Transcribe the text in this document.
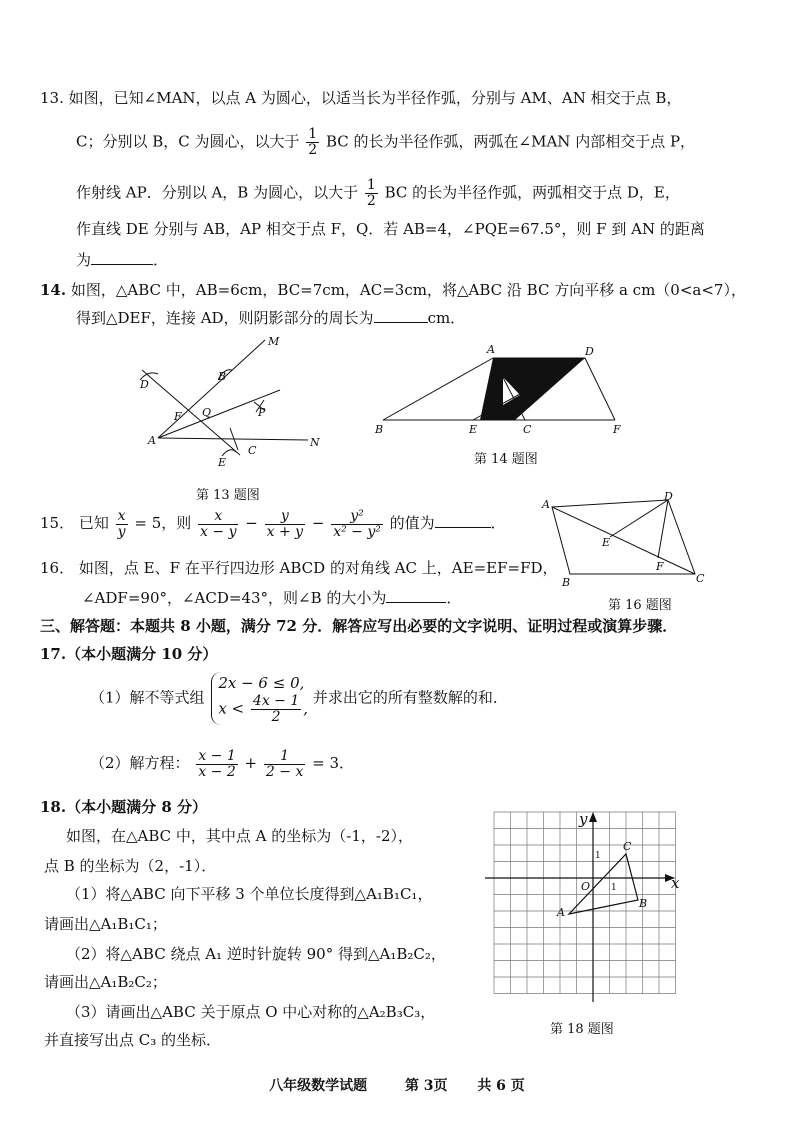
13. 如图，已知∠MAN，以点 A 为圆心，以适当长为半径作弧，分别与 AM、AN 相交于点 B，
C；分别以 B，C 为圆心，以大于 $\frac{1}{2}$ BC 的长为半径作弧，两弧在∠MAN 内部相交于点 P，
作射线 AP．分别以 A，B 为圆心，以大于 $\frac{1}{2}$ BC 的长为半径作弧，两弧相交于点 D，E，
作直线 DE 分别与 AB，AP 相交于点 F，Q．若 AB=4，∠PQE=67.5°，则 F 到 AN 的距离
为	．
14. 如图，△ABC 中，AB=6cm，BC=7cm，AC=3cm，将△ABC 沿 BC 方向平移 a cm（0<a<7），
得到△DEF，连接 AD，则阴影部分的周长为	cm．
M
N
A
B
C
D
E
F Q	P
第 13 题图
A	D
B	E	C	F
第 14 题图
15． 已知 $\frac{x}{y} = 5$，则 $\frac{x}{x - y} - \frac{y}{x + y} - \frac{\text{y²}}{\text{x² − y²}}$ 的值为	．
16． 如图，点 E、F 在平行四边形 ABCD 的对角线 AC 上，AE=EF=FD，
∠ADF=90°，∠ACD=43°，则∠B 的大小为	．
A
D
B	C
E
F
第 16 题图
三、解答题：本题共 8 小题，满分 72 分．解答应写出必要的文字说明、证明过程或演算步骤．
17.（本小题满分 10 分）
（1）解不等式组
2x − 6 ≤ 0,
$x < \frac{4x - 1}{2}$ ,
并求出它的所有整数解的和．
（2）解方程： $\frac{x - 1}{x - 2} + \frac{1}{2 - x} = 3$．
18.（本小题满分 8 分）
如图，在△ABC 中，其中点 A 的坐标为（-1，-2），
点 B 的坐标为（2，-1）．
（1）将△ABC 向下平移 3 个单位长度得到△A₁B₁C₁，
请画出△A₁B₁C₁；
（2）将△ABC 绕点 A₁ 逆时针旋转 90° 得到△A₁B₂C₂，
请画出△A₁B₂C₂；
（3）请画出△ABC 关于原点 O 中心对称的△A₂B₃C₃，
并直接写出点 C₃ 的坐标．
x
y
O 1
1
A
B
C
第 18 题图
八年级数学试题	第 3页 共 6 页
